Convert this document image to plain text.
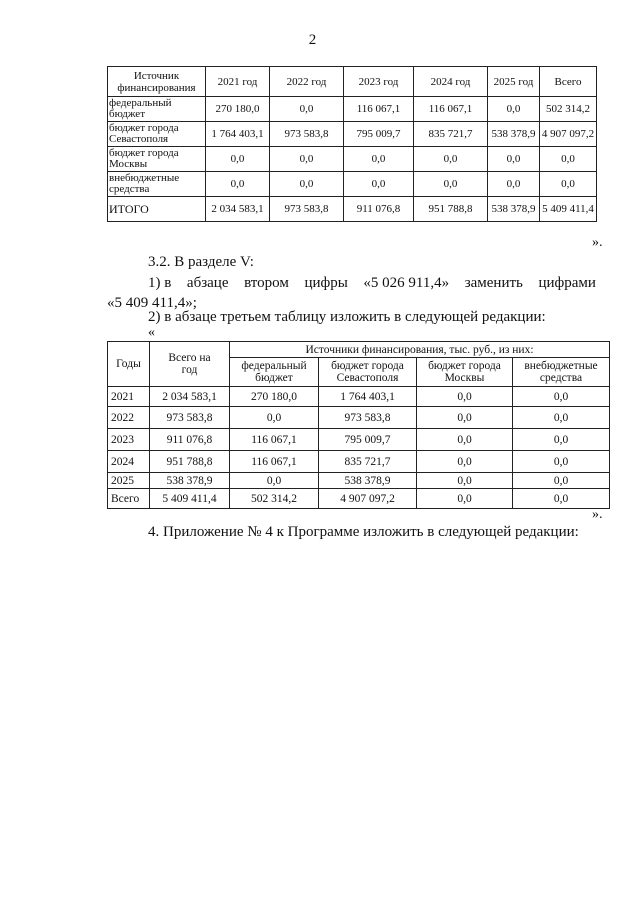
2
Источник финансирования	2021 год	2022 год	2023 год	2024 год	2025 год	Всего
федеральный бюджет	270 180,0	0,0	116 067,1	116 067,1	0,0	502 314,2
бюджет города Севастополя	1 764 403,1	973 583,8	795 009,7	835 721,7	538 378,9	4 907 097,2
бюджет города Москвы	0,0	0,0	0,0	0,0	0,0	0,0
внебюджетные средства	0,0	0,0	0,0	0,0	0,0	0,0
ИТОГО	2 034 583,1	973 583,8	911 076,8	951 788,8	538 378,9	5 409 411,4
».
3.2. В разделе V:
1) в абзаце втором цифры «5 026 911,4» заменить цифрами
«5 409 411,4»;
2) в абзаце третьем таблицу изложить в следующей редакции:
«
Годы	Всего на год	Источники финансирования, тыс. руб., из них:			
		федеральный бюджет	бюджет города Севастополя	бюджет города Москвы	внебюджетные средства
2021	2 034 583,1	270 180,0	1 764 403,1	0,0	0,0
2022	973 583,8	0,0	973 583,8	0,0	0,0
2023	911 076,8	116 067,1	795 009,7	0,0	0,0
2024	951 788,8	116 067,1	835 721,7	0,0	0,0
2025	538 378,9	0,0	538 378,9	0,0	0,0
Всего	5 409 411,4	502 314,2	4 907 097,2	0,0	0,0
».
4. Приложение № 4 к Программе изложить в следующей редакции:
